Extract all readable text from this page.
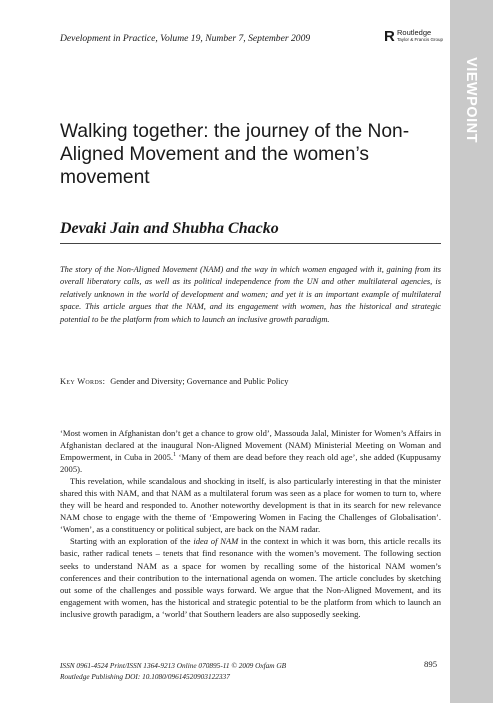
VIEWPOINT
Development in Practice, Volume 19, Number 7, September 2009	R Routledge
Taylor & Francis Group
Walking together: the journey of the Non-Aligned Movement and the women’s movement
Devaki Jain and Shubha Chacko

The story of the Non-Aligned Movement (NAM) and the way in which women engaged with it, gaining from its overall liberatory calls, as well as its political independence from the UN and other multilateral agencies, is relatively unknown in the world of development and women; and yet it is an important example of multilateral space. This article argues that the NAM, and its engagement with women, has the historical and strategic potential to be the platform from which to launch an inclusive growth paradigm.

Key Words: Gender and Diversity; Governance and Public Policy

‘Most women in Afghanistan don’t get a chance to grow old’, Massouda Jalal, Minister for Women’s Affairs in Afghanistan declared at the inaugural Non-Aligned Movement (NAM) Ministerial Meeting on Woman and Empowerment, in Cuba in 2005.$^1$ ‘Many of them are dead before they reach old age’, she added (Kuppusamy 2005).

This revelation, while scandalous and shocking in itself, is also particularly interesting in that the minister shared this with NAM, and that NAM as a multilateral forum was seen as a place for women to turn to, where they will be heard and responded to. Another noteworthy development is that in its search for new relevance NAM chose to engage with the theme of ‘Empowering Women in Facing the Challenges of Globalisation’. ‘Women’, as a constituency or political subject, are back on the NAM radar.

Starting with an exploration of the idea of NAM in the context in which it was born, this article recalls its basic, rather radical tenets – tenets that find resonance with the women’s movement. The following section seeks to understand NAM as a space for women by recalling some of the historical NAM women’s conferences and their contribution to the international agenda on women. The article concludes by sketching out some of the challenges and possible ways forward. We argue that the Non-Aligned Movement, and its engagement with women, has the historical and strategic potential to be the platform from which to launch an inclusive growth paradigm, a ‘world’ that Southern leaders are also supposedly seeking.

ISSN 0961-4524 Print/ISSN 1364-9213 Online 070895-11 © 2009 Oxfam GB
Routledge Publishing DOI: 10.1080/09614520903122337
895
